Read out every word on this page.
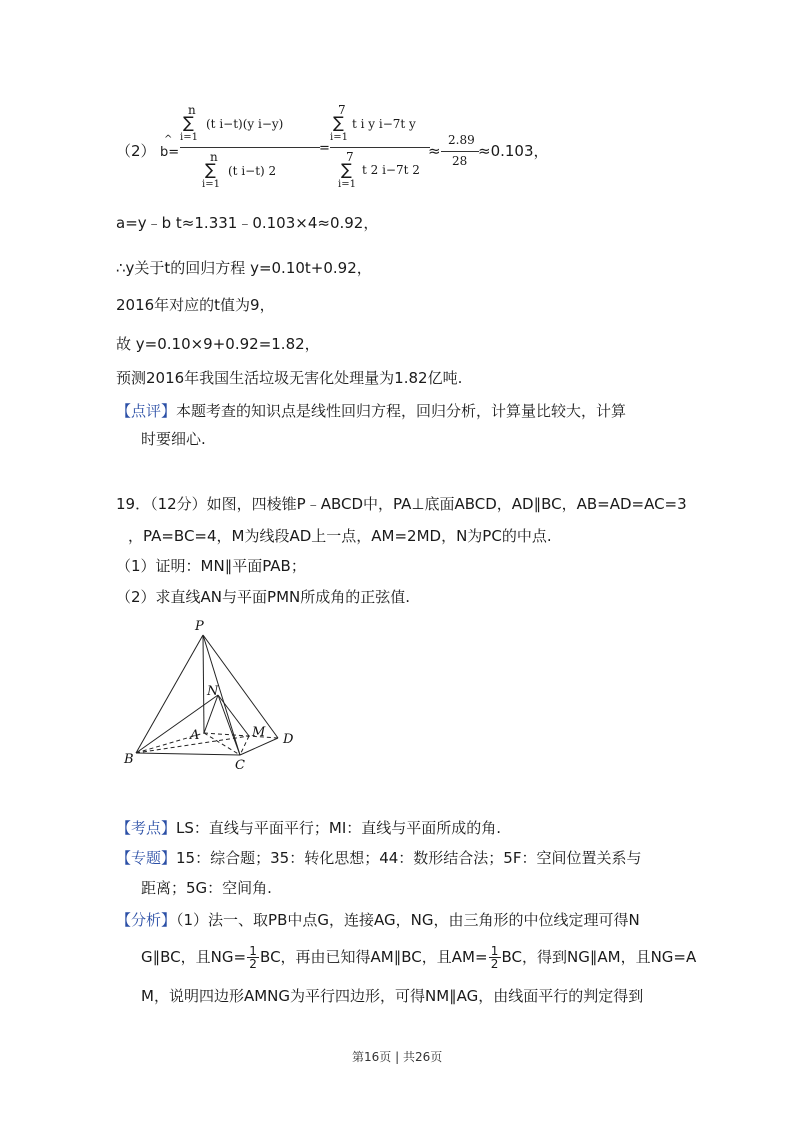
（2）
^
b=
n
∑
i=1
(t i−t)(y i−y)
n
∑
i=1
(t i−t) 2
=
7
∑
i=1
t i y i−7t y
7
∑
i=1
t 2 i−7t 2
≈
2.89
28
≈0.103，
a=y﹣b t≈1.331﹣0.103×4≈0.92，
∴y关于t的回归方程 y=0.10t+0.92，
2016年对应的t值为9，
故 y=0.10×9+0.92=1.82，
预测2016年我国生活垃圾无害化处理量为1.82亿吨.
【点评】本题考查的知识点是线性回归方程，回归分析，计算量比较大，计算
时要细心.
19．（12分）如图，四棱锥P﹣ABCD中，PA⊥底面ABCD，AD∥BC，AB=AD=AC=3
，PA=BC=4，M为线段AD上一点，AM=2MD，N为PC的中点.
（1）证明：MN∥平面PAB；
（2）求直线AN与平面PMN所成角的正弦值.
P
N
A	M D
B	C
【考点】LS：直线与平面平行；MI：直线与平面所成的角.
【专题】15：综合题；35：转化思想；44：数形结合法；5F：空间位置关系与
距离；5G：空间角.
【分析】（1）法一、取PB中点G，连接AG，NG，由三角形的中位线定理可得N
G∥BC，且$NG= \frac{1}{2}$ BC，再由已知得AM∥BC，且$AM= \frac{1}{2}$ BC，得到NG∥AM，且NG=A
M，说明四边形AMNG为平行四边形，可得NM∥AG，由线面平行的判定得到
第16页 | 共26页
